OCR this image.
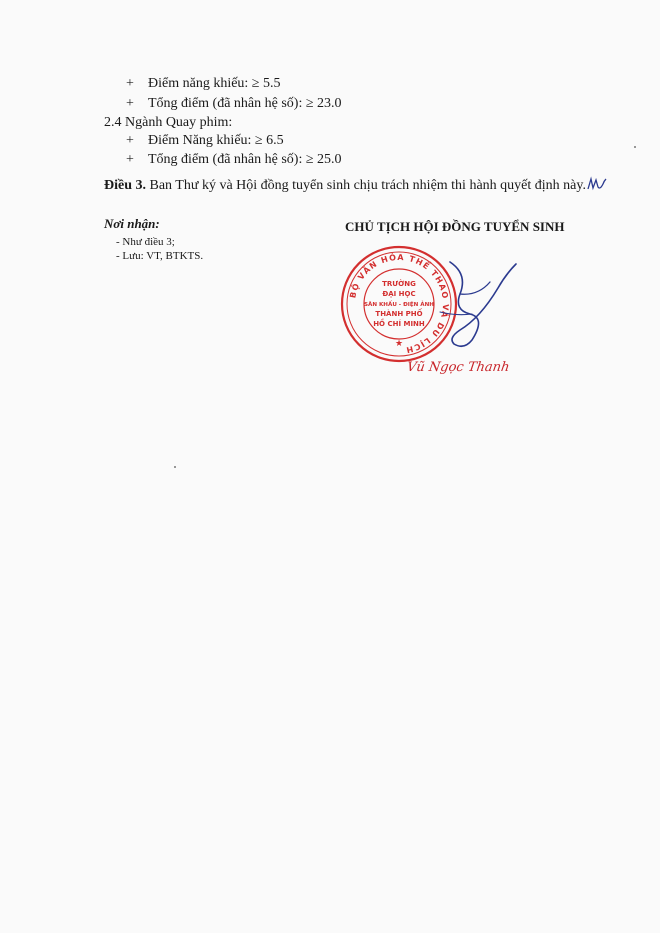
+ Điểm năng khiếu: ≥ 5.5
+ Tổng điểm (đã nhân hệ số): ≥ 23.0
2.4 Ngành Quay phim:
+ Điểm Năng khiếu: ≥ 6.5
+ Tổng điểm (đã nhân hệ số): ≥ 25.0
Điều 3. Ban Thư ký và Hội đồng tuyển sinh chịu trách nhiệm thi hành quyết định này.
Nơi nhận:
- Như điều 3;
- Lưu: VT, BTKTS.
CHỦ TỊCH HỘI ĐỒNG TUYỂN SINH
BỘ VĂN HÓA THỂ THAO VÀ DU LỊCH
★
TRƯỜNG
ĐẠI HỌC
SÂN KHẤU - ĐIỆN ẢNH
THÀNH PHỐ
HỒ CHÍ MINH
Vũ Ngọc Thanh
